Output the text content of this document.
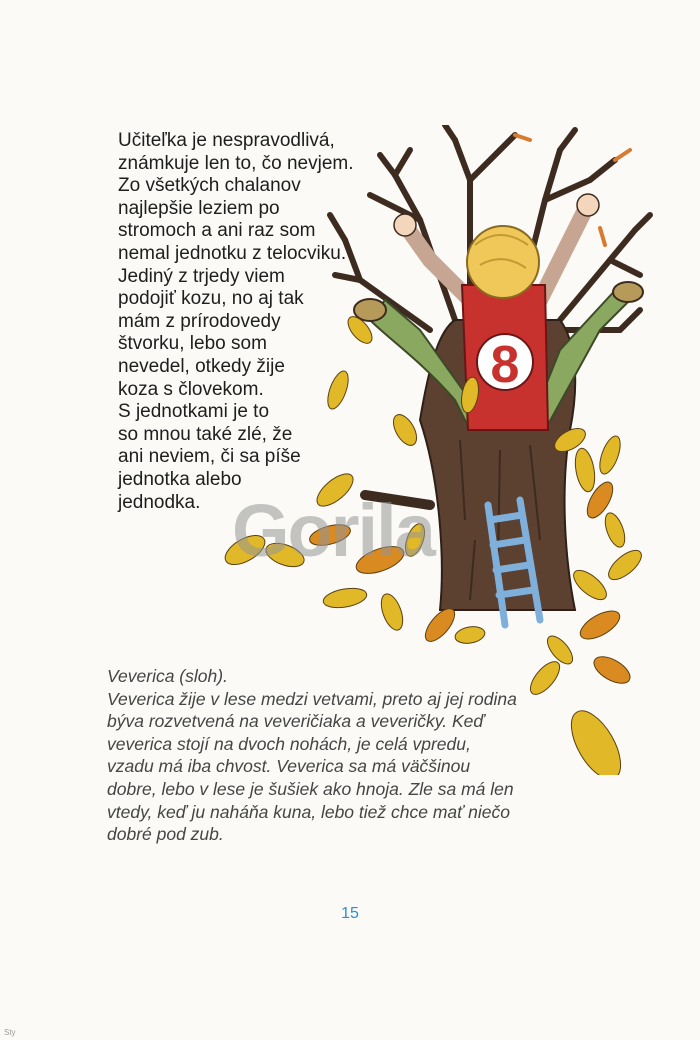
Učiteľka je nespravodlivá,
známkuje len to, čo nevjem.
Zo všetkých chalanov
najlepšie leziem po
stromoch a ani raz som
nemal jednotku z telocviku.
Jediný z trjedy viem
podojiť kozu, no aj tak
mám z prírodovedy
štvorku, lebo som
nevedel, otkedy žije
koza s človekom.
S jednotkami je to
so mnou také zlé, že
ani neviem, či sa píše
jednotka alebo
jednodka.
8
Gorila
Veverica (sloh).

Veverica žije v lese medzi vetvami, preto aj jej rodina

býva rozvetvená na veveričiaka a veveričky. Keď

veverica stojí na dvoch nohách, je celá vpredu,

vzadu má iba chvost. Veverica sa má väčšinou

dobre, lebo v lese je šušiek ako hnoja. Zle sa má len

vtedy, keď ju naháňa kuna, lebo tiež chce mať niečo

dobré pod zub.

15
Sty
